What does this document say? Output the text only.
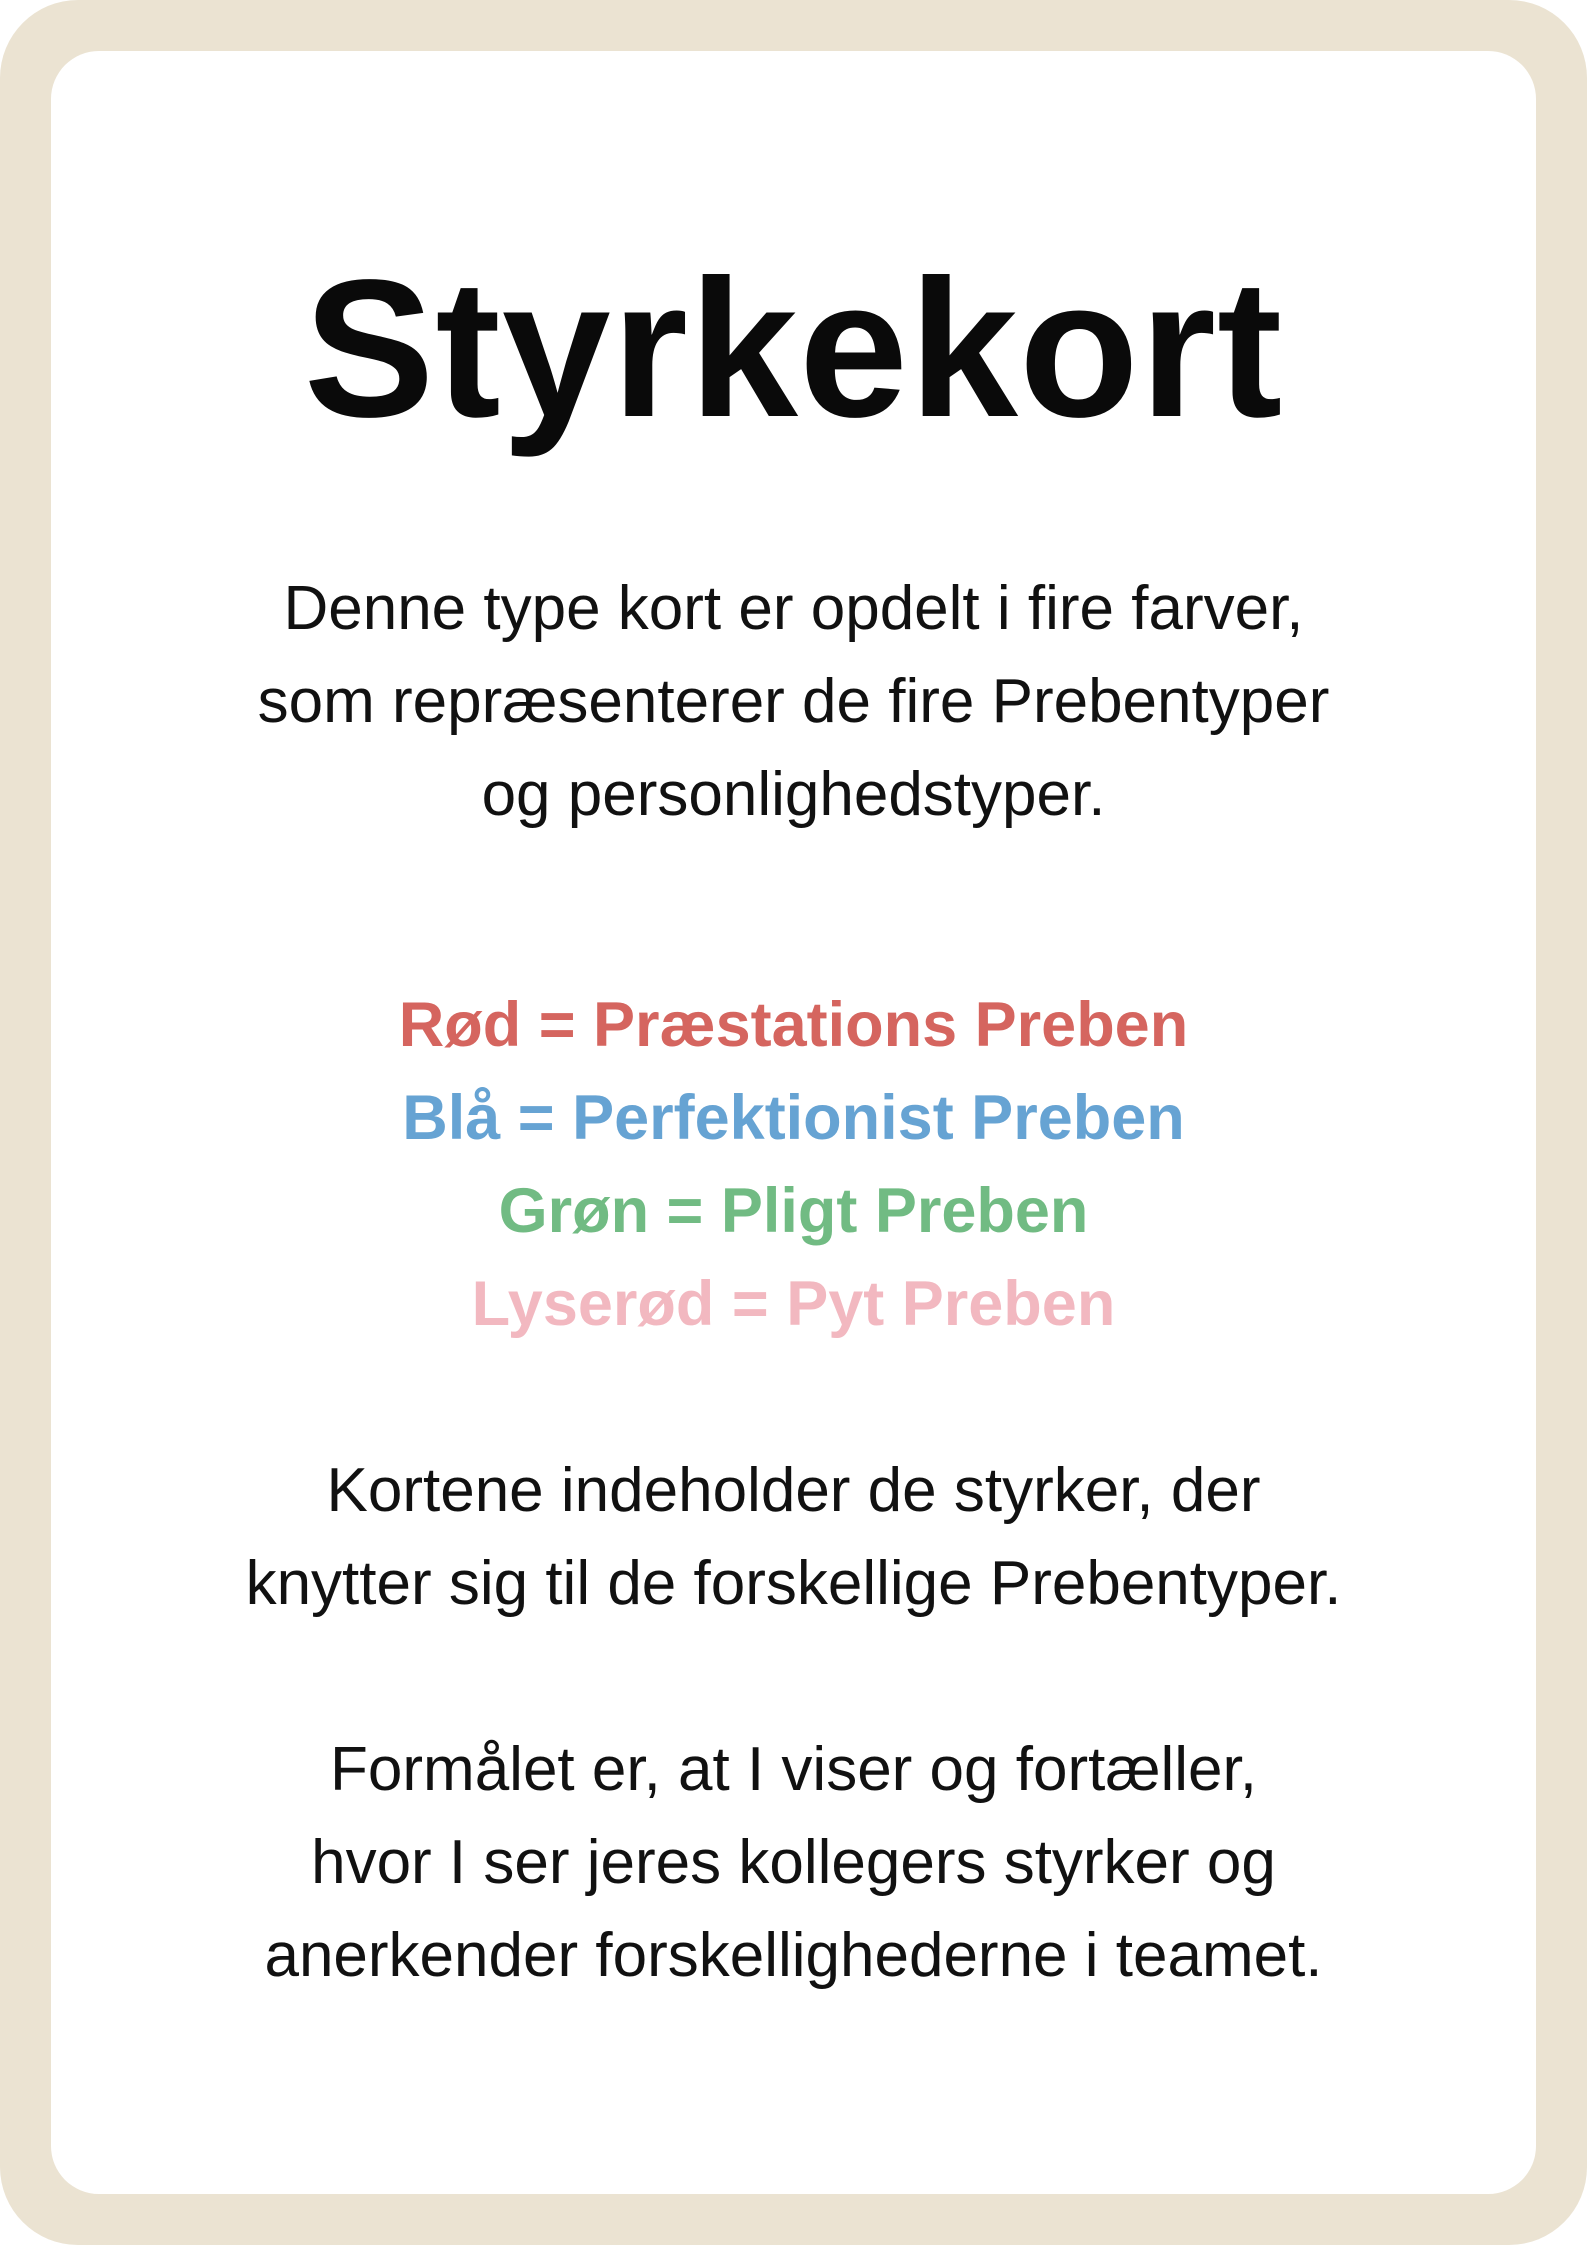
Styrkekort

Denne type kort er opdelt i fire farver,
som repræsenterer de fire Prebentyper
og personlighedstyper.

Rød = Præstations Preben
Blå = Perfektionist Preben
Grøn = Pligt Preben
Lyserød = Pyt Preben

Kortene indeholder de styrker, der
knytter sig til de forskellige Prebentyper.

Formålet er, at I viser og fortæller,
hvor I ser jeres kollegers styrker og
anerkender forskellighederne i teamet.
